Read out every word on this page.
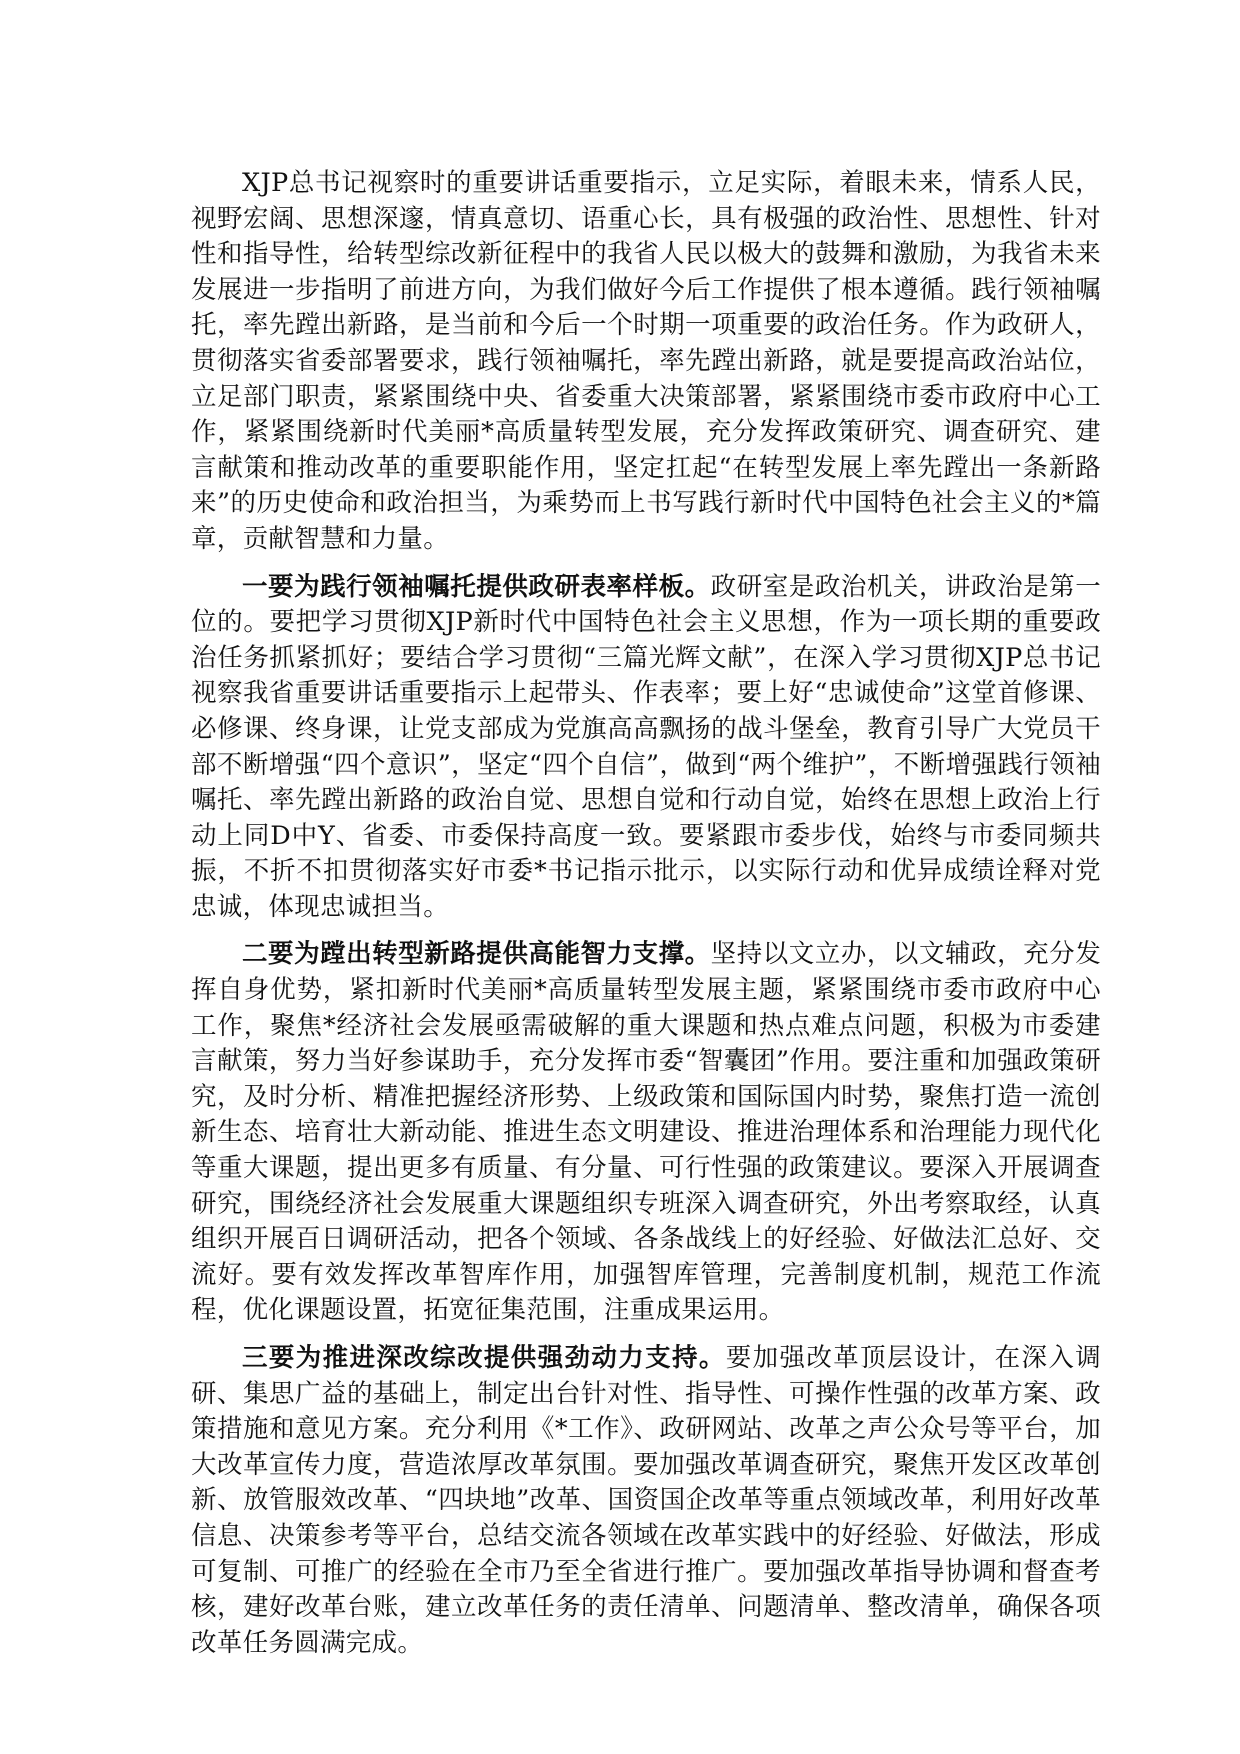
XJP总书记视察时的重要讲话重要指示，立足实际，着眼未来，情系人民，视野宏阔、思想深邃，情真意切、语重心长，具有极强的政治性、思想性、针对性和指导性，给转型综改新征程中的我省人民以极大的鼓舞和激励，为我省未来发展进一步指明了前进方向，为我们做好今后工作提供了根本遵循。践行领袖嘱托，率先蹚出新路，是当前和今后一个时期一项重要的政治任务。作为政研人，贯彻落实省委部署要求，践行领袖嘱托，率先蹚出新路，就是要提高政治站位，立足部门职责，紧紧围绕中央、省委重大决策部署，紧紧围绕市委市政府中心工作，紧紧围绕新时代美丽*高质量转型发展，充分发挥政策研究、调查研究、建言献策和推动改革的重要职能作用，坚定扛起“在转型发展上率先蹚出一条新路来”的历史使命和政治担当，为乘势而上书写践行新时代中国特色社会主义的*篇章，贡献智慧和力量。

一要为践行领袖嘱托提供政研表率样板。政研室是政治机关，讲政治是第一位的。要把学习贯彻XJP新时代中国特色社会主义思想，作为一项长期的重要政治任务抓紧抓好；要结合学习贯彻“三篇光辉文献”，在深入学习贯彻XJP总书记视察我省重要讲话重要指示上起带头、作表率；要上好“忠诚使命”这堂首修课、必修课、终身课，让党支部成为党旗高高飘扬的战斗堡垒，教育引导广大党员干部不断增强“四个意识”，坚定“四个自信”，做到“两个维护”，不断增强践行领袖嘱托、率先蹚出新路的政治自觉、思想自觉和行动自觉，始终在思想上政治上行动上同D中Y、省委、市委保持高度一致。要紧跟市委步伐，始终与市委同频共振，不折不扣贯彻落实好市委*书记指示批示，以实际行动和优异成绩诠释对党忠诚，体现忠诚担当。

二要为蹚出转型新路提供高能智力支撑。坚持以文立办，以文辅政，充分发挥自身优势，紧扣新时代美丽*高质量转型发展主题，紧紧围绕市委市政府中心工作，聚焦*经济社会发展亟需破解的重大课题和热点难点问题，积极为市委建言献策，努力当好参谋助手，充分发挥市委“智囊团”作用。要注重和加强政策研究，及时分析、精准把握经济形势、上级政策和国际国内时势，聚焦打造一流创新生态、培育壮大新动能、推进生态文明建设、推进治理体系和治理能力现代化等重大课题，提出更多有质量、有分量、可行性强的政策建议。要深入开展调查研究，围绕经济社会发展重大课题组织专班深入调查研究，外出考察取经，认真组织开展百日调研活动，把各个领域、各条战线上的好经验、好做法汇总好、交流好。要有效发挥改革智库作用，加强智库管理，完善制度机制，规范工作流程，优化课题设置，拓宽征集范围，注重成果运用。

三要为推进深改综改提供强劲动力支持。要加强改革顶层设计，在深入调研、集思广益的基础上，制定出台针对性、指导性、可操作性强的改革方案、政策措施和意见方案。充分利用《*工作》、政研网站、改革之声公众号等平台，加大改革宣传力度，营造浓厚改革氛围。要加强改革调查研究，聚焦开发区改革创新、放管服效改革、“四块地”改革、国资国企改革等重点领域改革，利用好改革信息、决策参考等平台，总结交流各领域在改革实践中的好经验、好做法，形成可复制、可推广的经验在全市乃至全省进行推广。要加强改革指导协调和督查考核，建好改革台账，建立改革任务的责任清单、问题清单、整改清单，确保各项改革任务圆满完成。
